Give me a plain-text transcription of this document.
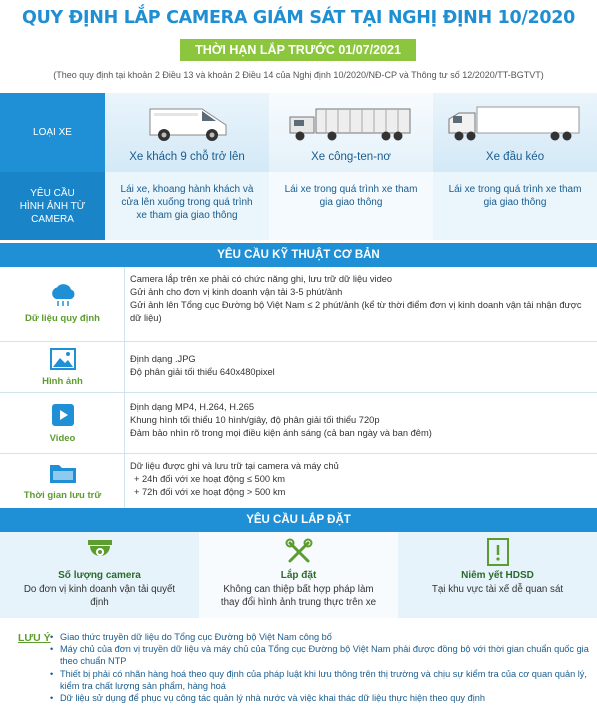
QUY ĐỊNH LẮP CAMERA GIÁM SÁT TẠI NGHỊ ĐỊNH 10/2020
THỜI HẠN LẮP TRƯỚC 01/07/2021
(Theo quy định tại khoản 2 Điều 13 và khoản 2 Điều 14 của Nghị định 10/2020/NĐ-CP và Thông tư số 12/2020/TT-BGTVT)
LOẠI XE
YÊU CẦU HÌNH ẢNH TỪ CAMERA
Xe khách 9 chỗ trở lên
Lái xe, khoang hành khách và cửa lên xuống trong quá trình xe tham gia giao thông
Xe công-ten-nơ
Lái xe trong quá trình xe tham gia giao thông
Xe đầu kéo
Lái xe trong quá trình xe tham gia giao thông
YÊU CẦU KỸ THUẬT CƠ BẢN
Dữ liệu quy định
Camera lắp trên xe phải có chức năng ghi, lưu trữ dữ liệu video
Gửi ảnh cho đơn vị kinh doanh vận tải 3-5 phút/ảnh
Gửi ảnh lên Tổng cục Đường bộ Việt Nam ≤ 2 phút/ảnh (kể từ thời điểm đơn vị kinh doanh vận tải nhận được dữ liệu)
Hình ảnh
Định dạng .JPG
Độ phân giải tối thiểu 640x480pixel
Video
Định dạng MP4, H.264, H.265
Khung hình tối thiểu 10 hình/giây, độ phân giải tối thiểu 720p
Đảm bảo nhìn rõ trong mọi điều kiện ánh sáng (cả ban ngày và ban đêm)
Thời gian lưu trữ
Dữ liệu được ghi và lưu trữ tại camera và máy chủ
+ 24h đối với xe hoạt động ≤ 500 km
+ 72h đối với xe hoạt động > 500 km
YÊU CẦU LẮP ĐẶT
Số lượng camera
Do đơn vị kinh doanh vận tải quyết định
Lắp đặt
Không can thiệp bất hợp pháp làm thay đổi hình ảnh trung thực trên xe
Niêm yết HDSD
Tại khu vực tài xế dễ quan sát
LƯU Ý
•	Giao thức truyền dữ liệu do Tổng cục Đường bộ Việt Nam công bố
• Máy chủ của đơn vị truyền dữ liệu và máy chủ của Tổng cục Đường bộ Việt Nam phải được đồng bộ với thời gian chuẩn quốc gia theo chuẩn NTP
• Thiết bị phải có nhãn hàng hoá theo quy định của pháp luật khi lưu thông trên thị trường và chịu sự kiểm tra của cơ quan quản lý, kiểm tra chất lượng sản phẩm, hàng hoá
• Dữ liệu sử dụng để phục vụ công tác quản lý nhà nước và việc khai thác dữ liệu thực hiện theo quy định
